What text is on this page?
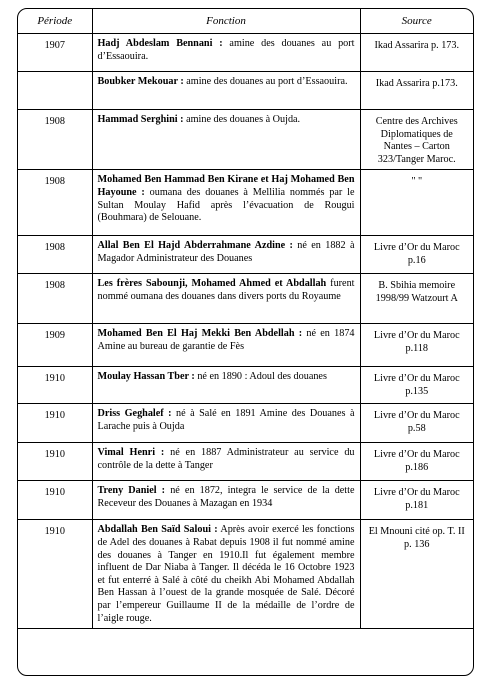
Période	Fonction	Source
1907	Hadj Abdeslam Bennani : amine des douanes au port d’Essaouira.	Ikad Assarira p. 173.
	Boubker Mekouar : amine des douanes au port d’Essaouira.	Ikad Assarira p.173.
1908	Hammad Serghini : amine des douanes à Oujda.	Centre des Archives Diplomatiques de Nantes – Carton 323/Tanger Maroc.
1908	Mohamed Ben Hammad Ben Kirane et Haj Mohamed Ben Hayoune : oumana des douanes à Mellilia nommés par le Sultan Moulay Hafid après l’évacuation de Rougui (Bouhmara) de Selouane.	" "
1908	Allal Ben El Hajd Abderrahmane Azdine : né en 1882 à Magador Administrateur des Douanes	Livre d’Or du Maroc p.16
1908	Les frères Sabounji, Mohamed Ahmed et Abdallah furent nommé oumana des douanes dans divers ports du Royaume	B. Sbihia memoire 1998/99 Watzourt A
1909	Mohamed Ben El Haj Mekki Ben Abdellah : né en 1874 Amine au bureau de garantie de Fès	Livre d’Or du Maroc p.118
1910	Moulay Hassan Tber : né en 1890 : Adoul des douanes	Livre d’Or du Maroc p.135
1910	Driss Geghalef : né à Salé en 1891 Amine des Douanes à Larache puis à Oujda	Livre d’Or du Maroc p.58
1910	Vimal Henri : né en 1887 Administrateur au service du contrôle de la dette à Tanger	Livre d’Or du Maroc p.186
1910	Treny Daniel : né en 1872, integra le service de la dette Receveur des Douanes à Mazagan en 1934	Livre d’Or du Maroc p.181
1910	Abdallah Ben Saïd Saloui : Après avoir exercé les fonctions de Adel des douanes à Rabat depuis 1908 il fut nommé amine des douanes à Tanger en 1910.Il fut également membre influent de Dar Niaba à Tanger. Il décéda le 16 Octobre 1923 et fut enterré à Salé à côté du cheikh Abi Mohamed Abdallah Ben Hassan à l’ouest de la grande mosquée de Salé. Décoré par l’empereur Guillaume II de la médaille de l’ordre de l’aigle rouge.	El Mnouni cité op. T. II p. 136
